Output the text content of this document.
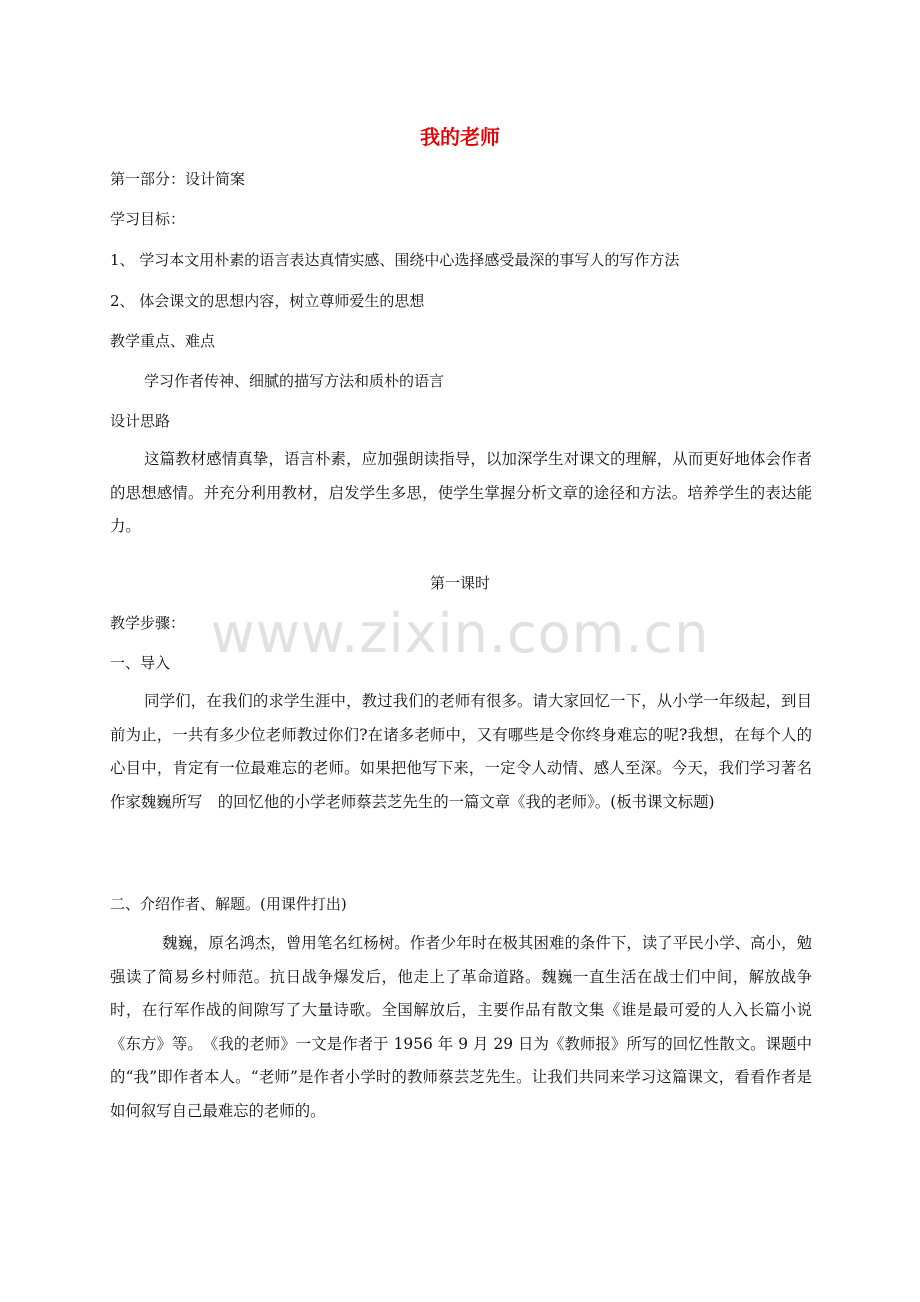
我的老师
第一部分：设计简案
学习目标：
1、 学习本文用朴素的语言表达真情实感、围绕中心选择感受最深的事写人的写作方法
2、 体会课文的思想内容，树立尊师爱生的思想
教学重点、难点
学习作者传神、细腻的描写方法和质朴的语言
设计思路
这篇教材感情真挚，语言朴素，应加强朗读指导，以加深学生对课文的理解，从而更好地体会作者的思想感情。并充分利用教材，启发学生多思，使学生掌握分析文章的途径和方法。培养学生的表达能力。
第一课时
教学步骤：
一、导入
同学们，在我们的求学生涯中，教过我们的老师有很多。请大家回忆一下，从小学一年级起，到目前为止，一共有多少位老师教过你们?在诸多老师中，又有哪些是令你终身难忘的呢?我想，在每个人的心目中，肯定有一位最难忘的老师。如果把他写下来，一定令人动情、感人至深。今天，我们学习著名作家魏巍所写　的回忆他的小学老师蔡芸芝先生的一篇文章《我的老师》。(板书课文标题)
二、介绍作者、解题。(用课件打出)
魏巍，原名鸿杰，曾用笔名红杨树。作者少年时在极其困难的条件下，读了平民小学、高小，勉强读了简易乡村师范。抗日战争爆发后，他走上了革命道路。魏巍一直生活在战士们中间，解放战争时，在行军作战的间隙写了大量诗歌。全国解放后，主要作品有散文集《谁是最可爱的人入长篇小说《东方》等。　《我的老师》一文是作者于 1956 年 9 月 29 日为《教师报》所写的回忆性散文。课题中的“我”即作者本人。“老师”是作者小学时的教师蔡芸芝先生。让我们共同来学习这篇课文，看看作者是如何叙写自己最难忘的老师的。
www.zixin.com.cn
